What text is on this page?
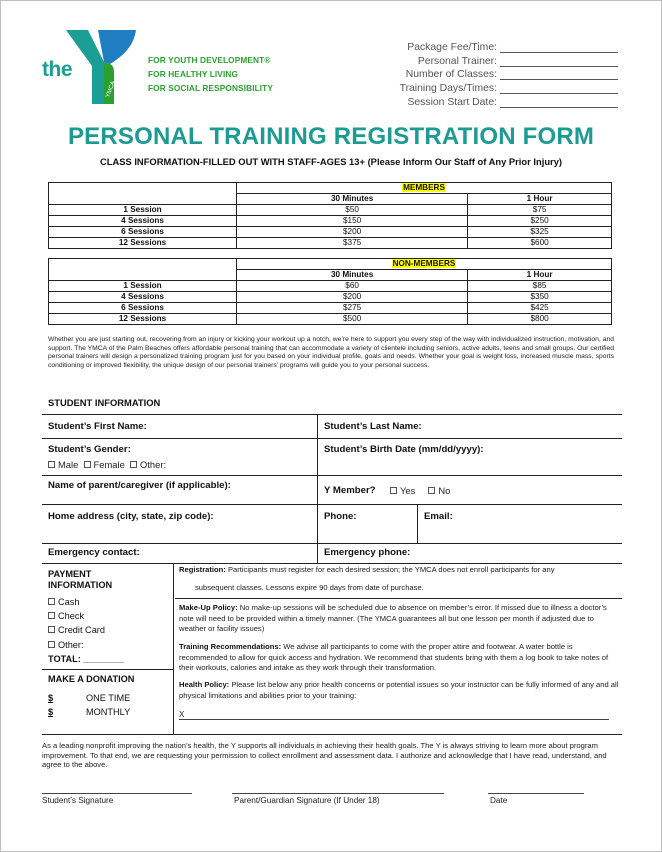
the
YMCA
FOR YOUTH DEVELOPMENT®
FOR HEALTHY LIVING
FOR SOCIAL RESPONSIBILITY
Package Fee/Time:
Personal Trainer:
Number of Classes:
Training Days/Times:
Session Start Date:
PERSONAL TRAINING REGISTRATION FORM
CLASS INFORMATION-FILLED OUT WITH STAFF-AGES 13+ (Please Inform Our Staff of Any Prior Injury)
	MEMBERS	
	30 Minutes	1 Hour
1 Session	$50	$75
4 Sessions	$150	$250
6 Sessions	$200	$325
12 Sessions	$375	$600
	NON-MEMBERS	
	30 Minutes	1 Hour
1 Session	$60	$85
4 Sessions	$200	$350
6 Sessions	$275	$425
12 Sessions	$500	$800
Whether you are just starting out, recovering from an injury or kicking your workout up a notch, we’re here to support you every step of the way with individualized instruction, motivation, and support. The YMCA of the Palm Beaches offers affordable personal training that can accommodate a variety of clientele including seniors, active adults, teens and small groups. Our certified personal trainers will design a personalized training program just for you based on your individual profile, goals and needs. Whether your goal is weight loss, increased muscle mass, sports conditioning or improved flexibility, the unique design of our personal trainers’ programs will guide you to your personal success.
STUDENT INFORMATION
Student’s First Name:	Student’s Last Name:
Student’s Gender:
Male Female Other:
Student’s Birth Date (mm/dd/yyyy):
Name of parent/caregiver (if applicable):	Y Member?	Yes No
Home address (city, state, zip code):	Phone:	Email:
Emergency contact:	Emergency phone:
PAYMENT
INFORMATION
Cash
Check
Credit Card
Other:
TOTAL: ________
MAKE A DONATION
$	ONE TIME
$	MONTHLY
Registration: Participants must register for each desired session; the YMCA does not enroll participants for any
subsequent classes. Lessons expire 90 days from date of purchase.
Make-Up Policy: No make-up sessions will be scheduled due to absence on member’s error. If missed due to illness a doctor’s note will need to be provided within a timely manner. (The YMCA guarantees all but one lesson per month if adjusted due to weather or facility issues)
Training Recommendations: We advise all participants to come with the proper attire and footwear. A water bottle is recommended to allow for quick access and hydration. We recommend that students bring with them a log book to take notes of their workouts, calories and intake as they work through their transformation.
Health Policy: Please list below any prior health concerns or potential issues so your instructor can be fully informed of any and all physical limitations and abilities prior to your training:
X
As a leading nonprofit improving the nation’s health, the Y supports all individuals in achieving their health goals. The Y is always striving to learn more about program improvement. To that end, we are requesting your permission to collect enrollment and assessment data. I authorize and acknowledge that I have read, understand, and agree to the above.
Student’s Signature	Parent/Guardian Signature (If Under 18)	Date
